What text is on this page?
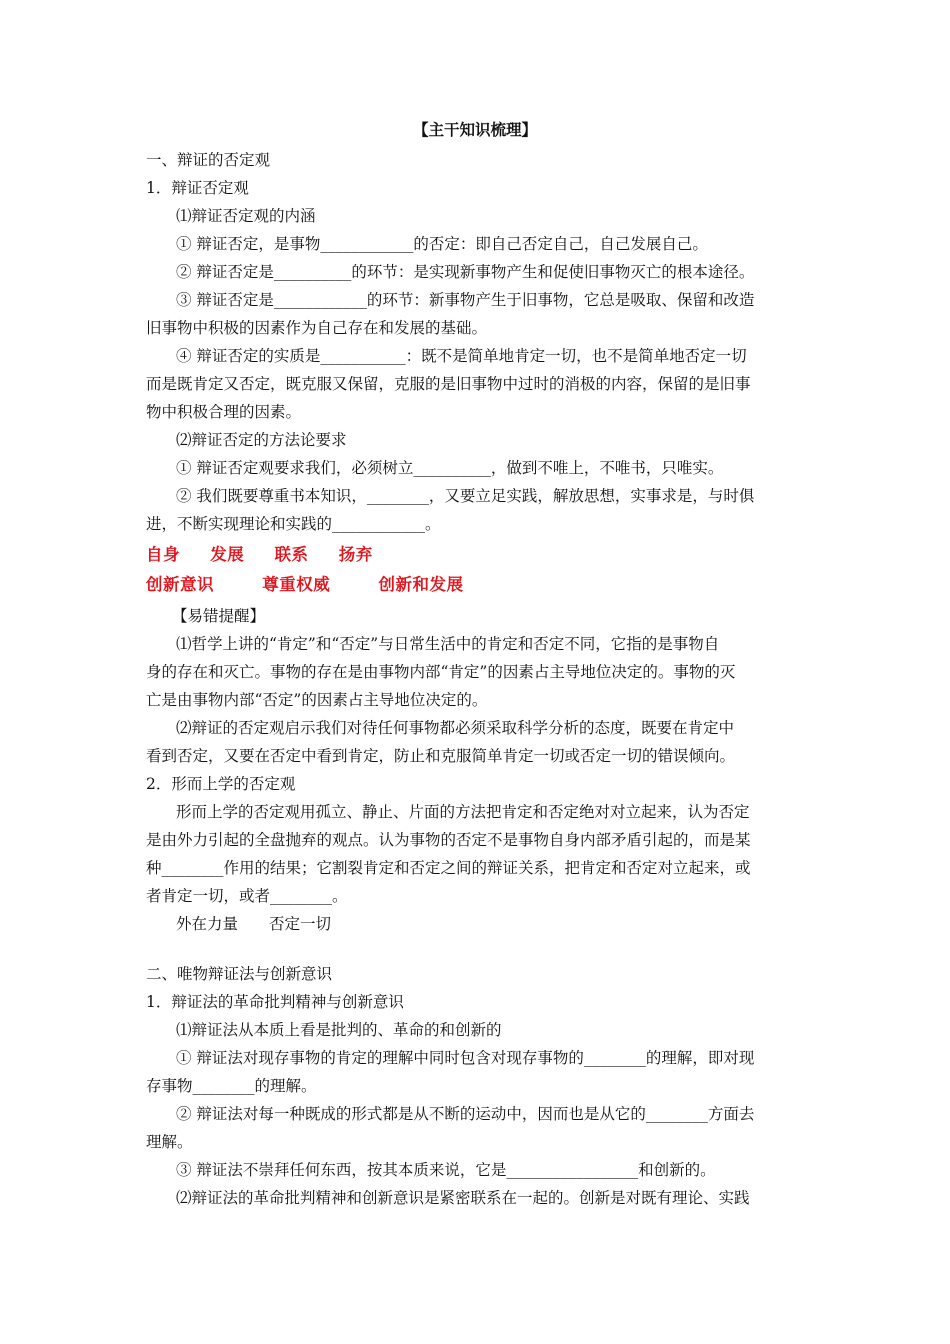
【主干知识梳理】
一、辩证的否定观
1．辩证否定观
⑴辩证否定观的内涵
① 辩证否定，是事物____________的否定：即自己否定自己，自己发展自己。
② 辩证否定是__________的环节：是实现新事物产生和促使旧事物灭亡的根本途径。
③ 辩证否定是____________的环节：新事物产生于旧事物，它总是吸取、保留和改造
旧事物中积极的因素作为自己存在和发展的基础。
④ 辩证否定的实质是___________：既不是简单地肯定一切，也不是简单地否定一切
而是既肯定又否定，既克服又保留，克服的是旧事物中过时的消极的内容，保留的是旧事
物中积极合理的因素。
⑵辩证否定的方法论要求
① 辩证否定观要求我们，必须树立__________，做到不唯上，不唯书，只唯实。
② 我们既要尊重书本知识，________，又要立足实践，解放思想，实事求是，与时俱
进，不断实现理论和实践的____________。
自身 发展 联系 扬弃
创新意识	尊重权威	创新和发展
【易错提醒】
⑴哲学上讲的“肯定”和“否定”与日常生活中的肯定和否定不同，它指的是事物自
身的存在和灭亡。事物的存在是由事物内部“肯定”的因素占主导地位决定的。事物的灭
亡是由事物内部“否定”的因素占主导地位决定的。
⑵辩证的否定观启示我们对待任何事物都必须采取科学分析的态度，既要在肯定中
看到否定，又要在否定中看到肯定，防止和克服简单肯定一切或否定一切的错误倾向。
2．形而上学的否定观
形而上学的否定观用孤立、静止、片面的方法把肯定和否定绝对对立起来，认为否定
是由外力引起的全盘抛弃的观点。认为事物的否定不是事物自身内部矛盾引起的，而是某
种________作用的结果；它割裂肯定和否定之间的辩证关系，把肯定和否定对立起来，或
者肯定一切，或者________。
外在力量　　否定一切
二、唯物辩证法与创新意识
1．辩证法的革命批判精神与创新意识
⑴辩证法从本质上看是批判的、革命的和创新的
① 辩证法对现存事物的肯定的理解中同时包含对现存事物的________的理解，即对现
存事物________的理解。
② 辩证法对每一种既成的形式都是从不断的运动中，因而也是从它的________方面去
理解。
③ 辩证法不崇拜任何东西，按其本质来说，它是_________________和创新的。
⑵辩证法的革命批判精神和创新意识是紧密联系在一起的。创新是对既有理论、实践
